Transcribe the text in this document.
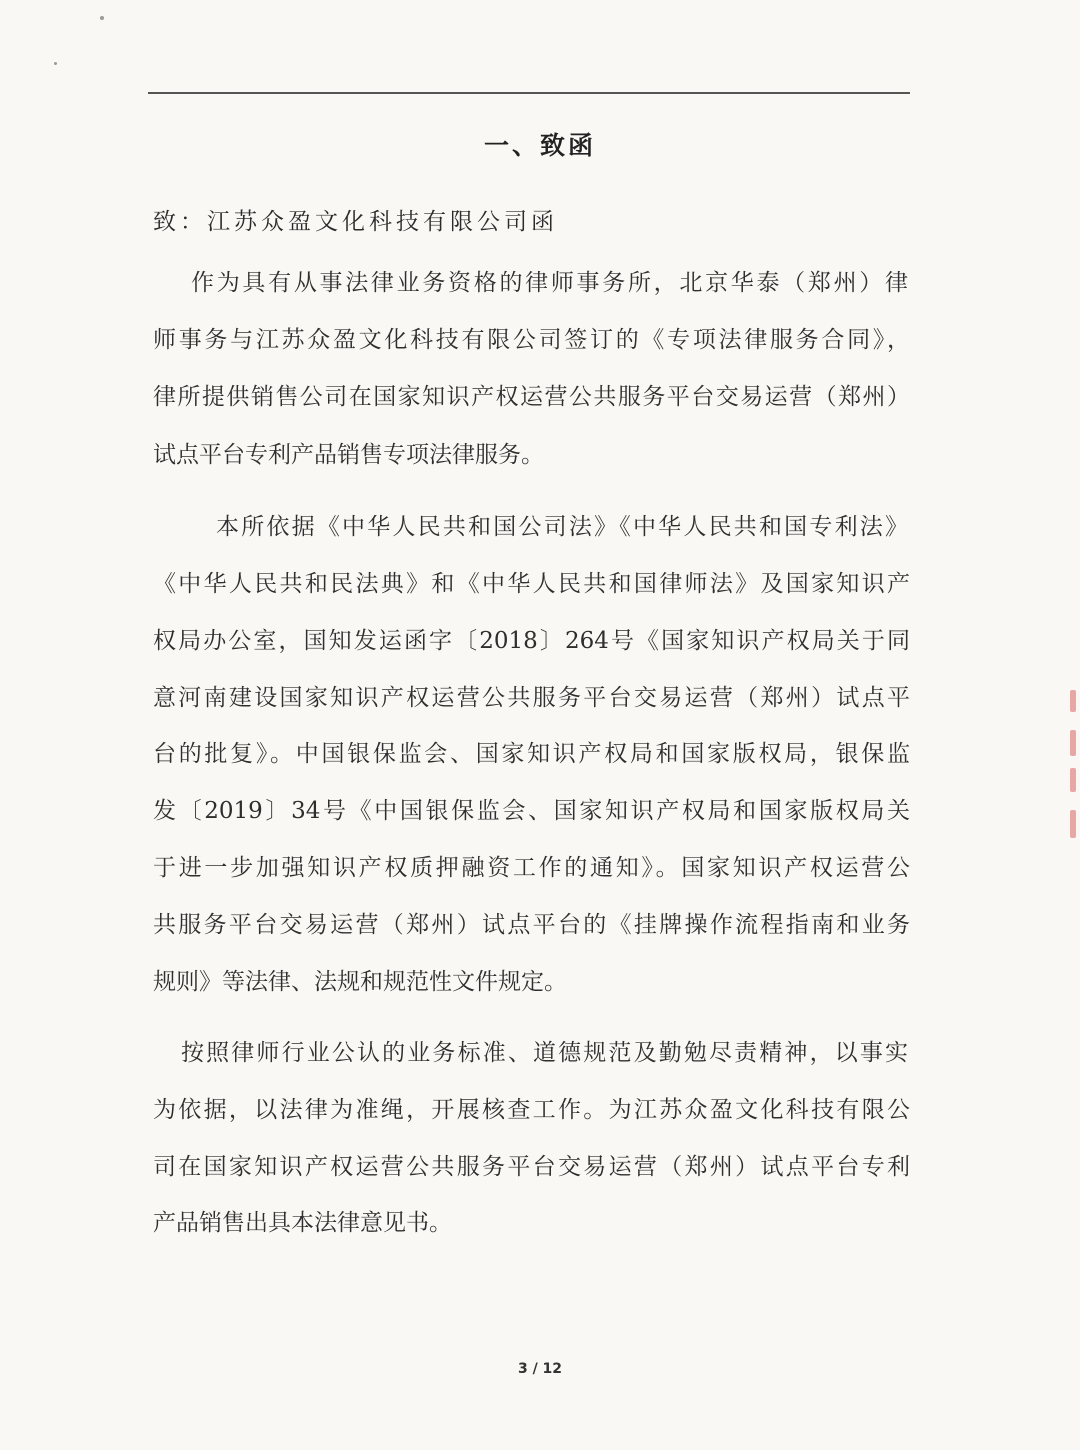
一、致函
致：江苏众盈文化科技有限公司函
作为具有从事法律业务资格的律师事务所，北京华泰（郑州）律
师事务与江苏众盈文化科技有限公司签订的《专项法律服务合同》，
律所提供销售公司在国家知识产权运营公共服务平台交易运营（郑州）
试点平台专利产品销售专项法律服务。
本所依据《中华人民共和国公司法》《中华人民共和国专利法》
《中华人民共和民法典》和《中华人民共和国律师法》及国家知识产
权局办公室，国知发运函字〔2018〕264号《国家知识产权局关于同
意河南建设国家知识产权运营公共服务平台交易运营（郑州）试点平
台的批复》。中国银保监会、国家知识产权局和国家版权局，银保监
发〔2019〕34号《中国银保监会、国家知识产权局和国家版权局关
于进一步加强知识产权质押融资工作的通知》。国家知识产权运营公
共服务平台交易运营（郑州）试点平台的《挂牌操作流程指南和业务
规则》等法律、法规和规范性文件规定。
按照律师行业公认的业务标准、道德规范及勤勉尽责精神，以事实
为依据，以法律为准绳，开展核查工作。为江苏众盈文化科技有限公
司在国家知识产权运营公共服务平台交易运营（郑州）试点平台专利
产品销售出具本法律意见书。
3 / 12
